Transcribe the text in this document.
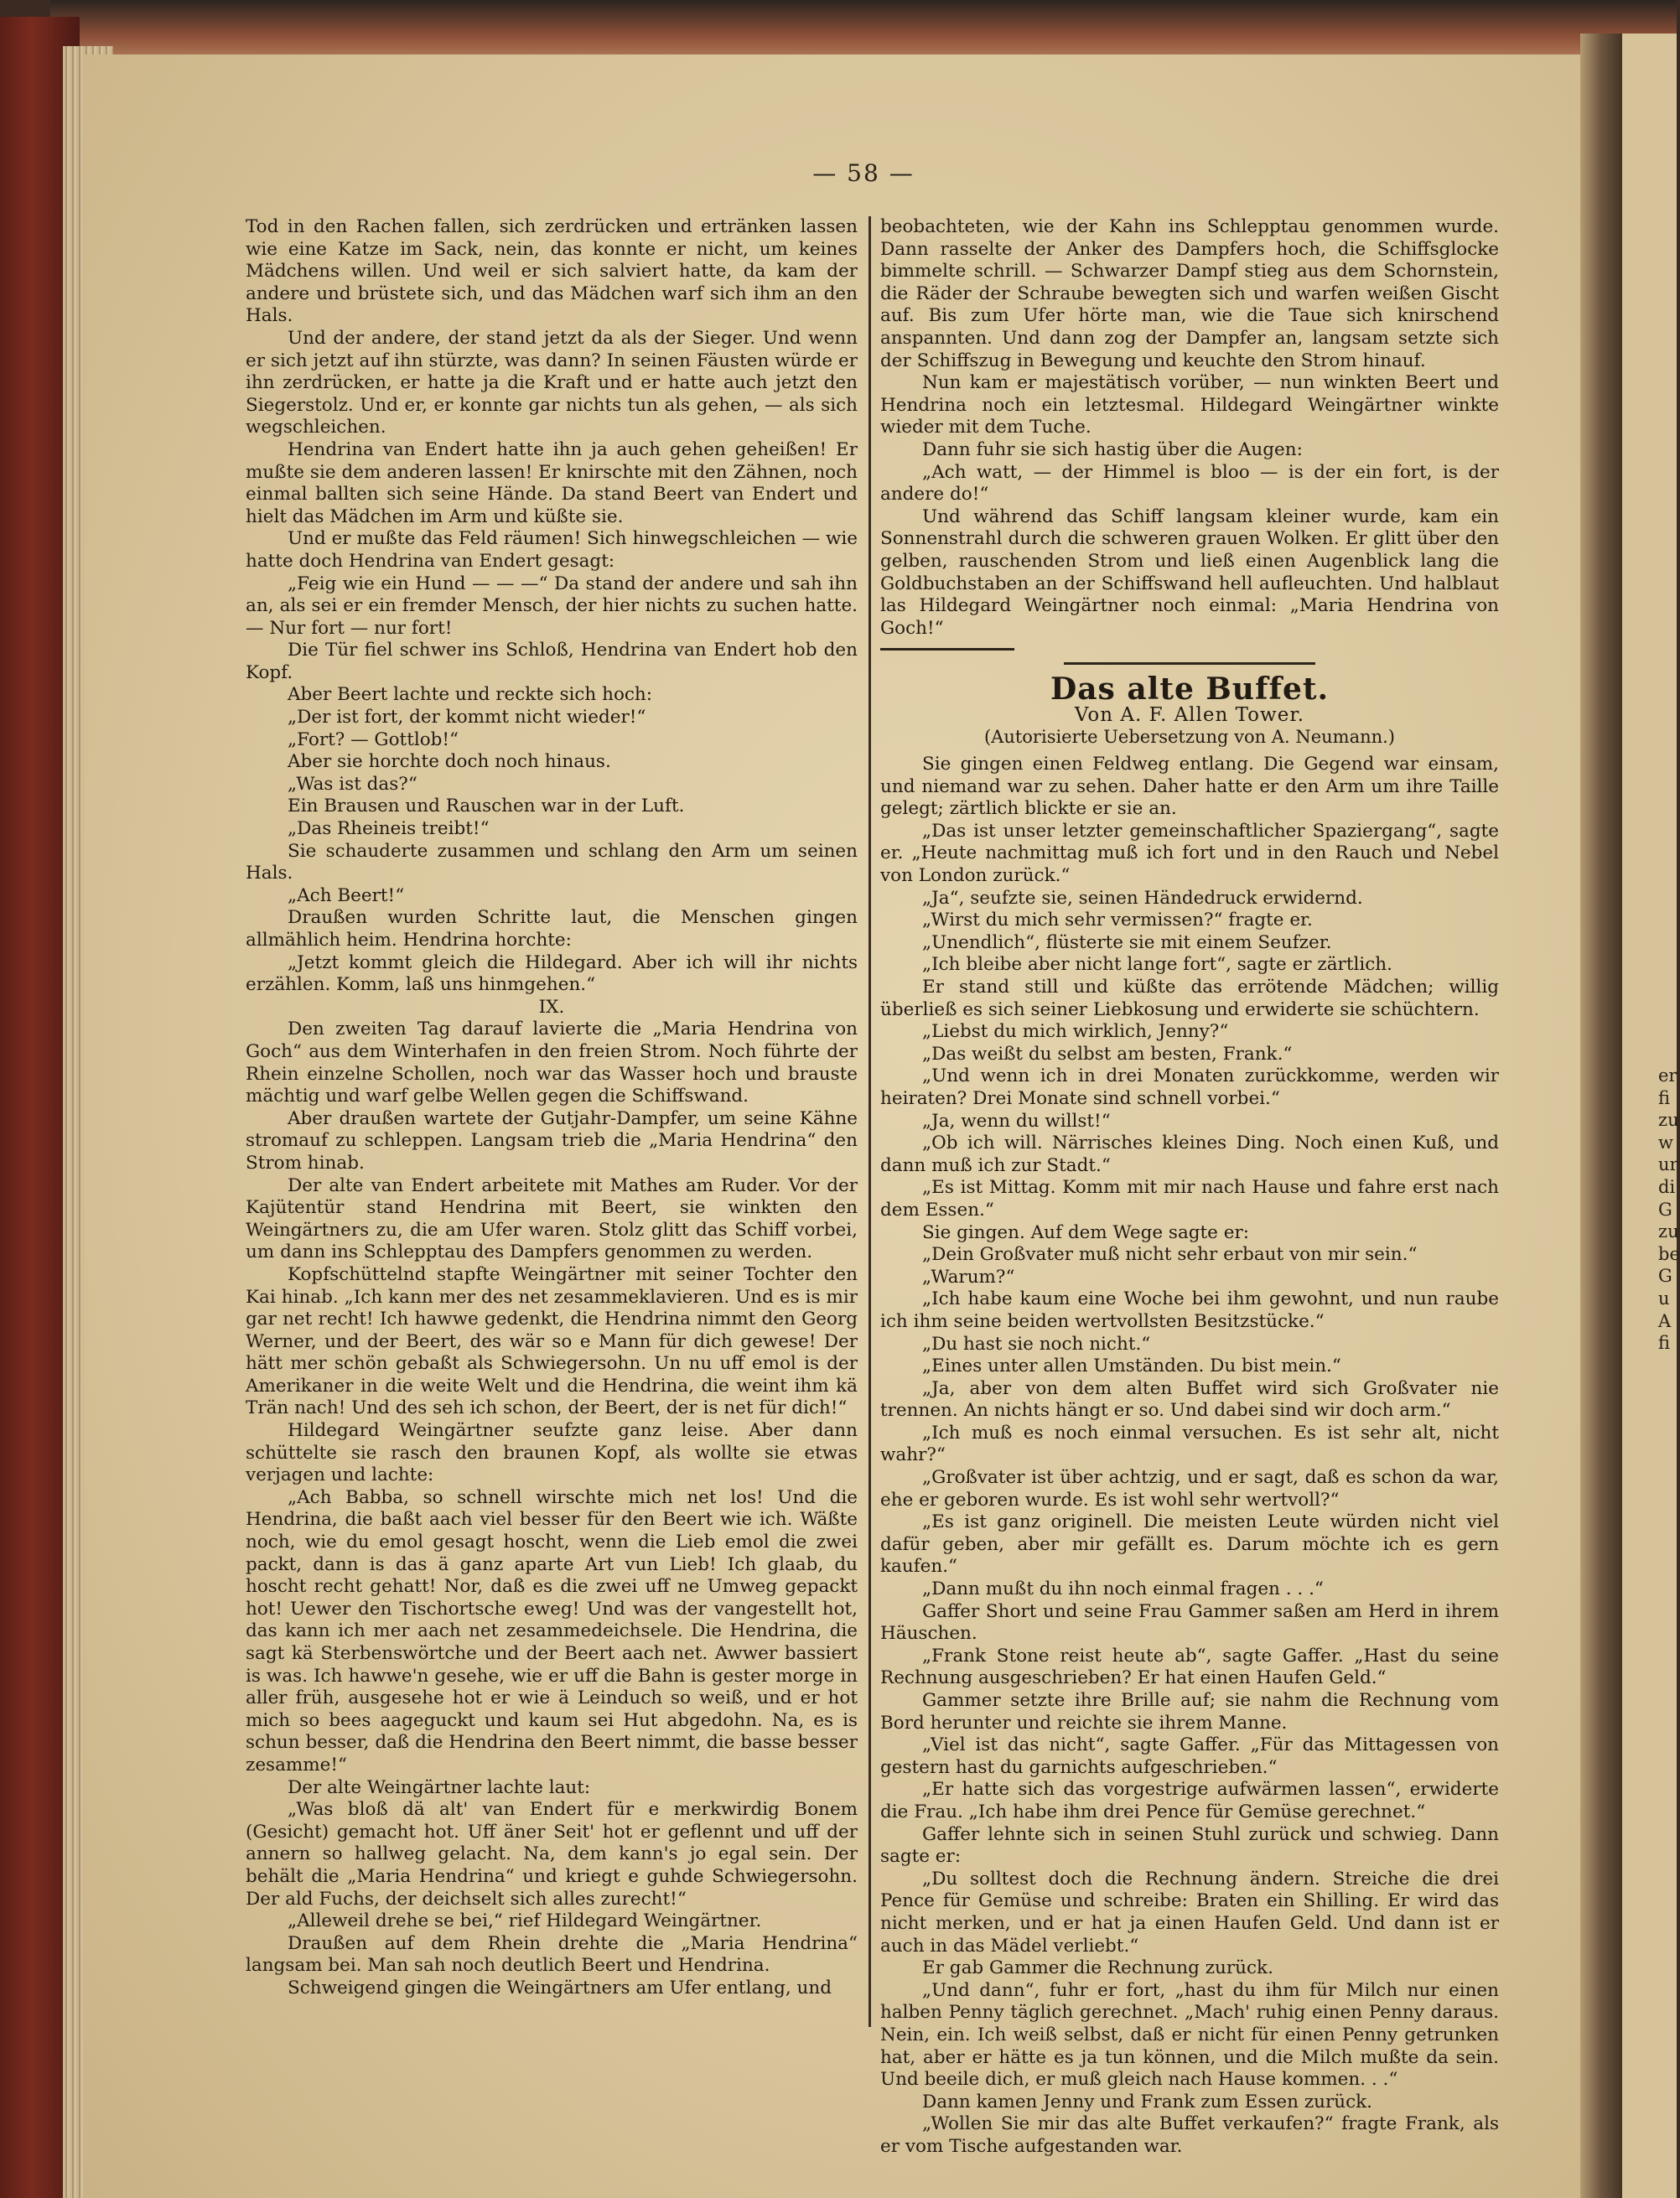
— 58 —

Tod in den Rachen fallen, sich zerdrücken und ertränken lassen wie eine Katze im Sack, nein, das konnte er nicht, um keines Mädchens willen. Und weil er sich salviert hatte, da kam der andere und brüstete sich, und das Mädchen warf sich ihm an den Hals.

Und der andere, der stand jetzt da als der Sieger. Und wenn er sich jetzt auf ihn stürzte, was dann? In seinen Fäusten würde er ihn zerdrücken, er hatte ja die Kraft und er hatte auch jetzt den Siegerstolz. Und er, er konnte gar nichts tun als gehen, — als sich wegschleichen.

Hendrina van Endert hatte ihn ja auch gehen geheißen! Er mußte sie dem anderen lassen! Er knirschte mit den Zähnen, noch einmal ballten sich seine Hände. Da stand Beert van Endert und hielt das Mädchen im Arm und küßte sie.

Und er mußte das Feld räumen! Sich hinwegschleichen — wie hatte doch Hendrina van Endert gesagt:

„Feig wie ein Hund — — —“ Da stand der andere und sah ihn an, als sei er ein fremder Mensch, der hier nichts zu suchen hatte. — Nur fort — nur fort!

Die Tür fiel schwer ins Schloß, Hendrina van Endert hob den Kopf.

Aber Beert lachte und reckte sich hoch:

„Der ist fort, der kommt nicht wieder!“

„Fort? — Gottlob!“

Aber sie horchte doch noch hinaus.

„Was ist das?“

Ein Brausen und Rauschen war in der Luft.

„Das Rheineis treibt!“

Sie schauderte zusammen und schlang den Arm um seinen Hals.

„Ach Beert!“

Draußen wurden Schritte laut, die Menschen gingen allmählich heim. Hendrina horchte:

„Jetzt kommt gleich die Hildegard. Aber ich will ihr nichts erzählen. Komm, laß uns hinmgehen.“

IX.

Den zweiten Tag darauf lavierte die „Maria Hendrina von Goch“ aus dem Winterhafen in den freien Strom. Noch führte der Rhein einzelne Schollen, noch war das Wasser hoch und brauste mächtig und warf gelbe Wellen gegen die Schiffswand.

Aber draußen wartete der Gutjahr-Dampfer, um seine Kähne stromauf zu schleppen. Langsam trieb die „Maria Hendrina“ den Strom hinab.

Der alte van Endert arbeitete mit Mathes am Ruder. Vor der Kajütentür stand Hendrina mit Beert, sie winkten den Weingärtners zu, die am Ufer waren. Stolz glitt das Schiff vorbei, um dann ins Schlepptau des Dampfers genommen zu werden.

Kopfschüttelnd stapfte Weingärtner mit seiner Tochter den Kai hinab. „Ich kann mer des net zesammeklavieren. Und es is mir gar net recht! Ich hawwe gedenkt, die Hendrina nimmt den Georg Werner, und der Beert, des wär so e Mann für dich gewese! Der hätt mer schön gebaßt als Schwiegersohn. Un nu uff emol is der Amerikaner in die weite Welt und die Hendrina, die weint ihm kä Trän nach! Und des seh ich schon, der Beert, der is net für dich!“

Hildegard Weingärtner seufzte ganz leise. Aber dann schüttelte sie rasch den braunen Kopf, als wollte sie etwas verjagen und lachte:

„Ach Babba, so schnell wirschte mich net los! Und die Hendrina, die baßt aach viel besser für den Beert wie ich. Wäßte noch, wie du emol gesagt hoscht, wenn die Lieb emol die zwei packt, dann is das ä ganz aparte Art vun Lieb! Ich glaab, du hoscht recht gehatt! Nor, daß es die zwei uff ne Umweg gepackt hot! Uewer den Tischortsche eweg! Und was der vangestellt hot, das kann ich mer aach net zesammedeichsele. Die Hendrina, die sagt kä Sterbenswörtche und der Beert aach net. Awwer bassiert is was. Ich hawwe'n gesehe, wie er uff die Bahn is gester morge in aller früh, ausgesehe hot er wie ä Leinduch so weiß, und er hot mich so bees aageguckt und kaum sei Hut abgedohn. Na, es is schun besser, daß die Hendrina den Beert nimmt, die basse besser zesamme!“

Der alte Weingärtner lachte laut:

„Was bloß dä alt' van Endert für e merkwirdig Bonem (Gesicht) gemacht hot. Uff äner Seit' hot er geflennt und uff der annern so hallweg gelacht. Na, dem kann's jo egal sein. Der behält die „Maria Hendrina“ und kriegt e guhde Schwiegersohn. Der ald Fuchs, der deichselt sich alles zurecht!“

„Alleweil drehe se bei,“ rief Hildegard Weingärtner.

Draußen auf dem Rhein drehte die „Maria Hendrina“ langsam bei. Man sah noch deutlich Beert und Hendrina.

Schweigend gingen die Weingärtners am Ufer entlang, und

beobachteten, wie der Kahn ins Schlepptau genommen wurde. Dann rasselte der Anker des Dampfers hoch, die Schiffsglocke bimmelte schrill. — Schwarzer Dampf stieg aus dem Schornstein, die Räder der Schraube bewegten sich und warfen weißen Gischt auf. Bis zum Ufer hörte man, wie die Taue sich knirschend anspannten. Und dann zog der Dampfer an, langsam setzte sich der Schiffszug in Bewegung und keuchte den Strom hinauf.

Nun kam er majestätisch vorüber, — nun winkten Beert und Hendrina noch ein letztesmal. Hildegard Weingärtner winkte wieder mit dem Tuche.

Dann fuhr sie sich hastig über die Augen:

„Ach watt, — der Himmel is bloo — is der ein fort, is der andere do!“

Und während das Schiff langsam kleiner wurde, kam ein Sonnenstrahl durch die schweren grauen Wolken. Er glitt über den gelben, rauschenden Strom und ließ einen Augenblick lang die Goldbuchstaben an der Schiffswand hell aufleuchten. Und halblaut las Hildegard Weingärtner noch einmal: „Maria Hendrina von Goch!“

Das alte Buffet.
Von A. F. Allen Tower.
(Autorisierte Uebersetzung von A. Neumann.)

Sie gingen einen Feldweg entlang. Die Gegend war einsam, und niemand war zu sehen. Daher hatte er den Arm um ihre Taille gelegt; zärtlich blickte er sie an.

„Das ist unser letzter gemeinschaftlicher Spaziergang“, sagte er. „Heute nachmittag muß ich fort und in den Rauch und Nebel von London zurück.“

„Ja“, seufzte sie, seinen Händedruck erwidernd.

„Wirst du mich sehr vermissen?“ fragte er.

„Unendlich“, flüsterte sie mit einem Seufzer.

„Ich bleibe aber nicht lange fort“, sagte er zärtlich.

Er stand still und küßte das errötende Mädchen; willig überließ es sich seiner Liebkosung und erwiderte sie schüchtern.

„Liebst du mich wirklich, Jenny?“

„Das weißt du selbst am besten, Frank.“

„Und wenn ich in drei Monaten zurückkomme, werden wir heiraten? Drei Monate sind schnell vorbei.“

„Ja, wenn du willst!“

„Ob ich will. Närrisches kleines Ding. Noch einen Kuß, und dann muß ich zur Stadt.“

„Es ist Mittag. Komm mit mir nach Hause und fahre erst nach dem Essen.“

Sie gingen. Auf dem Wege sagte er:

„Dein Großvater muß nicht sehr erbaut von mir sein.“

„Warum?“

„Ich habe kaum eine Woche bei ihm gewohnt, und nun raube ich ihm seine beiden wertvollsten Besitzstücke.“

„Du hast sie noch nicht.“

„Eines unter allen Umständen. Du bist mein.“

„Ja, aber von dem alten Buffet wird sich Großvater nie trennen. An nichts hängt er so. Und dabei sind wir doch arm.“

„Ich muß es noch einmal versuchen. Es ist sehr alt, nicht wahr?“

„Großvater ist über achtzig, und er sagt, daß es schon da war, ehe er geboren wurde. Es ist wohl sehr wertvoll?“

„Es ist ganz originell. Die meisten Leute würden nicht viel dafür geben, aber mir gefällt es. Darum möchte ich es gern kaufen.“

„Dann mußt du ihn noch einmal fragen . . .“

Gaffer Short und seine Frau Gammer saßen am Herd in ihrem Häuschen.

„Frank Stone reist heute ab“, sagte Gaffer. „Hast du seine Rechnung ausgeschrieben? Er hat einen Haufen Geld.“

Gammer setzte ihre Brille auf; sie nahm die Rechnung vom Bord herunter und reichte sie ihrem Manne.

„Viel ist das nicht“, sagte Gaffer. „Für das Mittagessen von gestern hast du garnichts aufgeschrieben.“

„Er hatte sich das vorgestrige aufwärmen lassen“, erwiderte die Frau. „Ich habe ihm drei Pence für Gemüse gerechnet.“

Gaffer lehnte sich in seinen Stuhl zurück und schwieg. Dann sagte er:

„Du solltest doch die Rechnung ändern. Streiche die drei Pence für Gemüse und schreibe: Braten ein Shilling. Er wird das nicht merken, und er hat ja einen Haufen Geld. Und dann ist er auch in das Mädel verliebt.“

Er gab Gammer die Rechnung zurück.

„Und dann“, fuhr er fort, „hast du ihm für Milch nur einen halben Penny täglich gerechnet. „Mach' ruhig einen Penny daraus. Nein, ein. Ich weiß selbst, daß er nicht für einen Penny getrunken hat, aber er hätte es ja tun können, und die Milch mußte da sein. Und beeile dich, er muß gleich nach Hause kommen. . .“

Dann kamen Jenny und Frank zum Essen zurück.

„Wollen Sie mir das alte Buffet verkaufen?“ fragte Frank, als er vom Tische aufgestanden war.

er
fi
zu
w
ur
di
G
zu
be
G
u
A
fi
